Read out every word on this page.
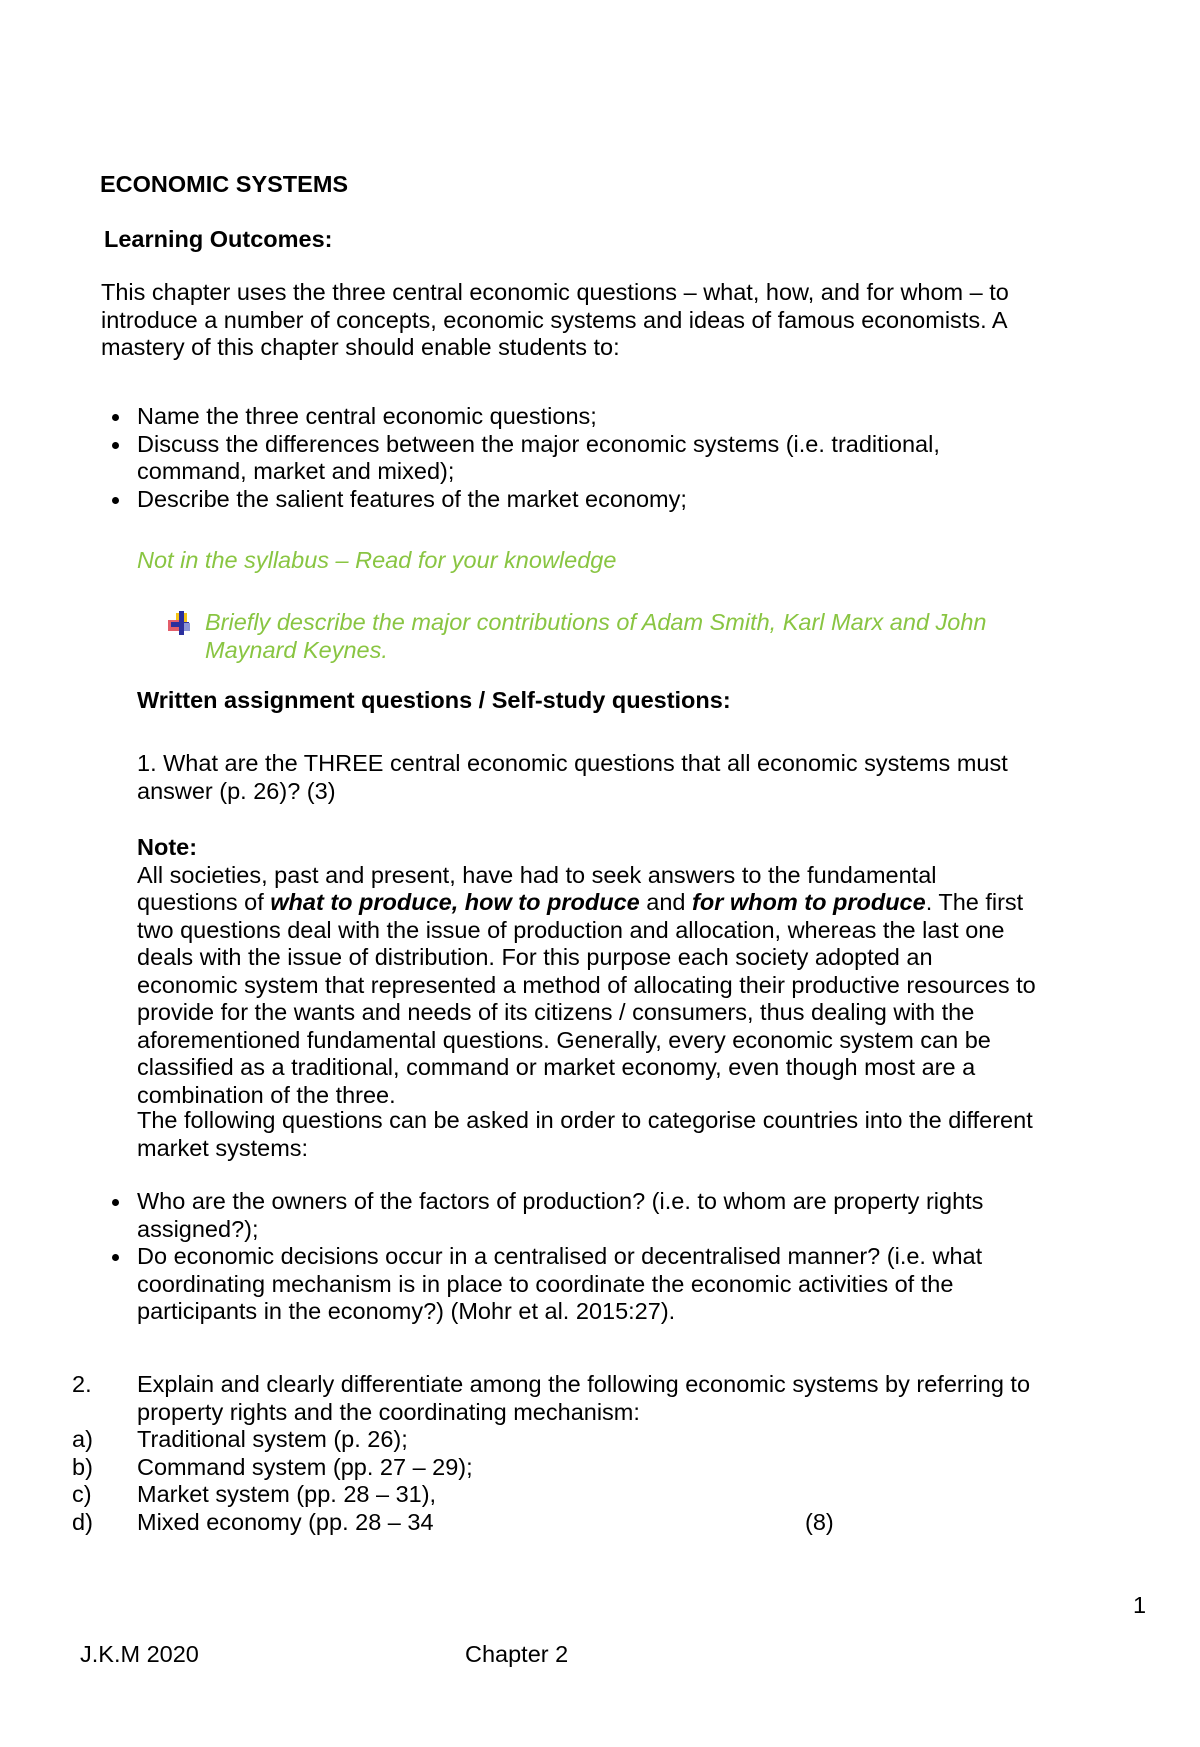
ECONOMIC SYSTEMS
Learning Outcomes:
This chapter uses the three central economic questions – what, how, and for whom – to introduce a number of concepts, economic systems and ideas of famous economists. A mastery of this chapter should enable students to:
Name the three central economic questions;
Discuss the differences between the major economic systems (i.e. traditional, command, market and mixed);
Describe the salient features of the market economy;
Not in the syllabus – Read for your knowledge
Briefly describe the major contributions of Adam Smith, Karl Marx and John Maynard Keynes.
Written assignment questions / Self-study questions:
1. What are the THREE central economic questions that all economic systems must answer (p. 26)? (3)
Note:
All societies, past and present, have had to seek answers to the fundamental questions of what to produce, how to produce and for whom to produce. The first two questions deal with the issue of production and allocation, whereas the last one deals with the issue of distribution. For this purpose each society adopted an economic system that represented a method of allocating their productive resources to provide for the wants and needs of its citizens / consumers, thus dealing with the aforementioned fundamental questions. Generally, every economic system can be classified as a traditional, command or market economy, even though most are a combination of the three.
The following questions can be asked in order to categorise countries into the different market systems:
Who are the owners of the factors of production? (i.e. to whom are property rights assigned?);
Do economic decisions occur in a centralised or decentralised manner? (i.e. what coordinating mechanism is in place to coordinate the economic activities of the participants in the economy?) (Mohr et al. 2015:27).
2.	Explain and clearly differentiate among the following economic systems by referring to property rights and the coordinating mechanism:
a)	Traditional system (p. 26);
b)	Command system (pp. 27 – 29);
c)	Market system (pp. 28 – 31),
d)	Mixed economy (pp. 28 – 34	(8)
1
J.K.M 2020	Chapter 2
